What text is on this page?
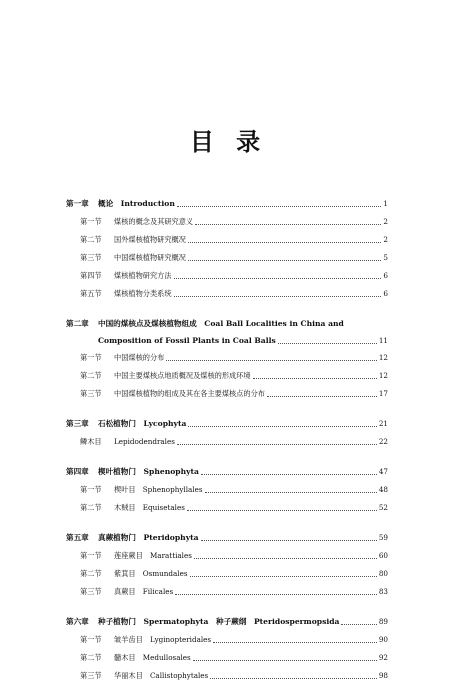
目 录
第一章	概论　Introduction	1
第一节	煤核的概念及其研究意义	2
第二节	国外煤核植物研究概况	2
第三节	中国煤核植物研究概况	5
第四节	煤核植物研究方法	6
第五节	煤核植物分类系统	6
第二章	中国的煤核点及煤核植物组成　Coal Ball Localities in China and
Composition of Fossil Plants in Coal Balls	11
第一节	中国煤核的分布	12
第二节	中国主要煤核点地质概况及煤核的形成环境	12
第三节	中国煤核植物的组成及其在各主要煤核点的分布	17
第三章	石松植物门　Lycophyta	21
鳞木目	Lepidodendrales	22
第四章	楔叶植物门　Sphenophyta	47
第一节	楔叶目　Sphenophyllales	48
第二节	木贼目　Equisetales	52
第五章	真蕨植物门　Pteridophyta	59
第一节	莲座蕨目　Marattiales	60
第二节	紫萁目　Osmundales	80
第三节	真蕨目　Filicales	83
第六章	种子植物门　Spermatophyta　种子蕨纲　Pteridospermopsida	89
第一节	皱羊齿目　Lyginopteridales	90
第二节	髓木目　Medullosales	92
第三节	华丽木目　Callistophytales	98
